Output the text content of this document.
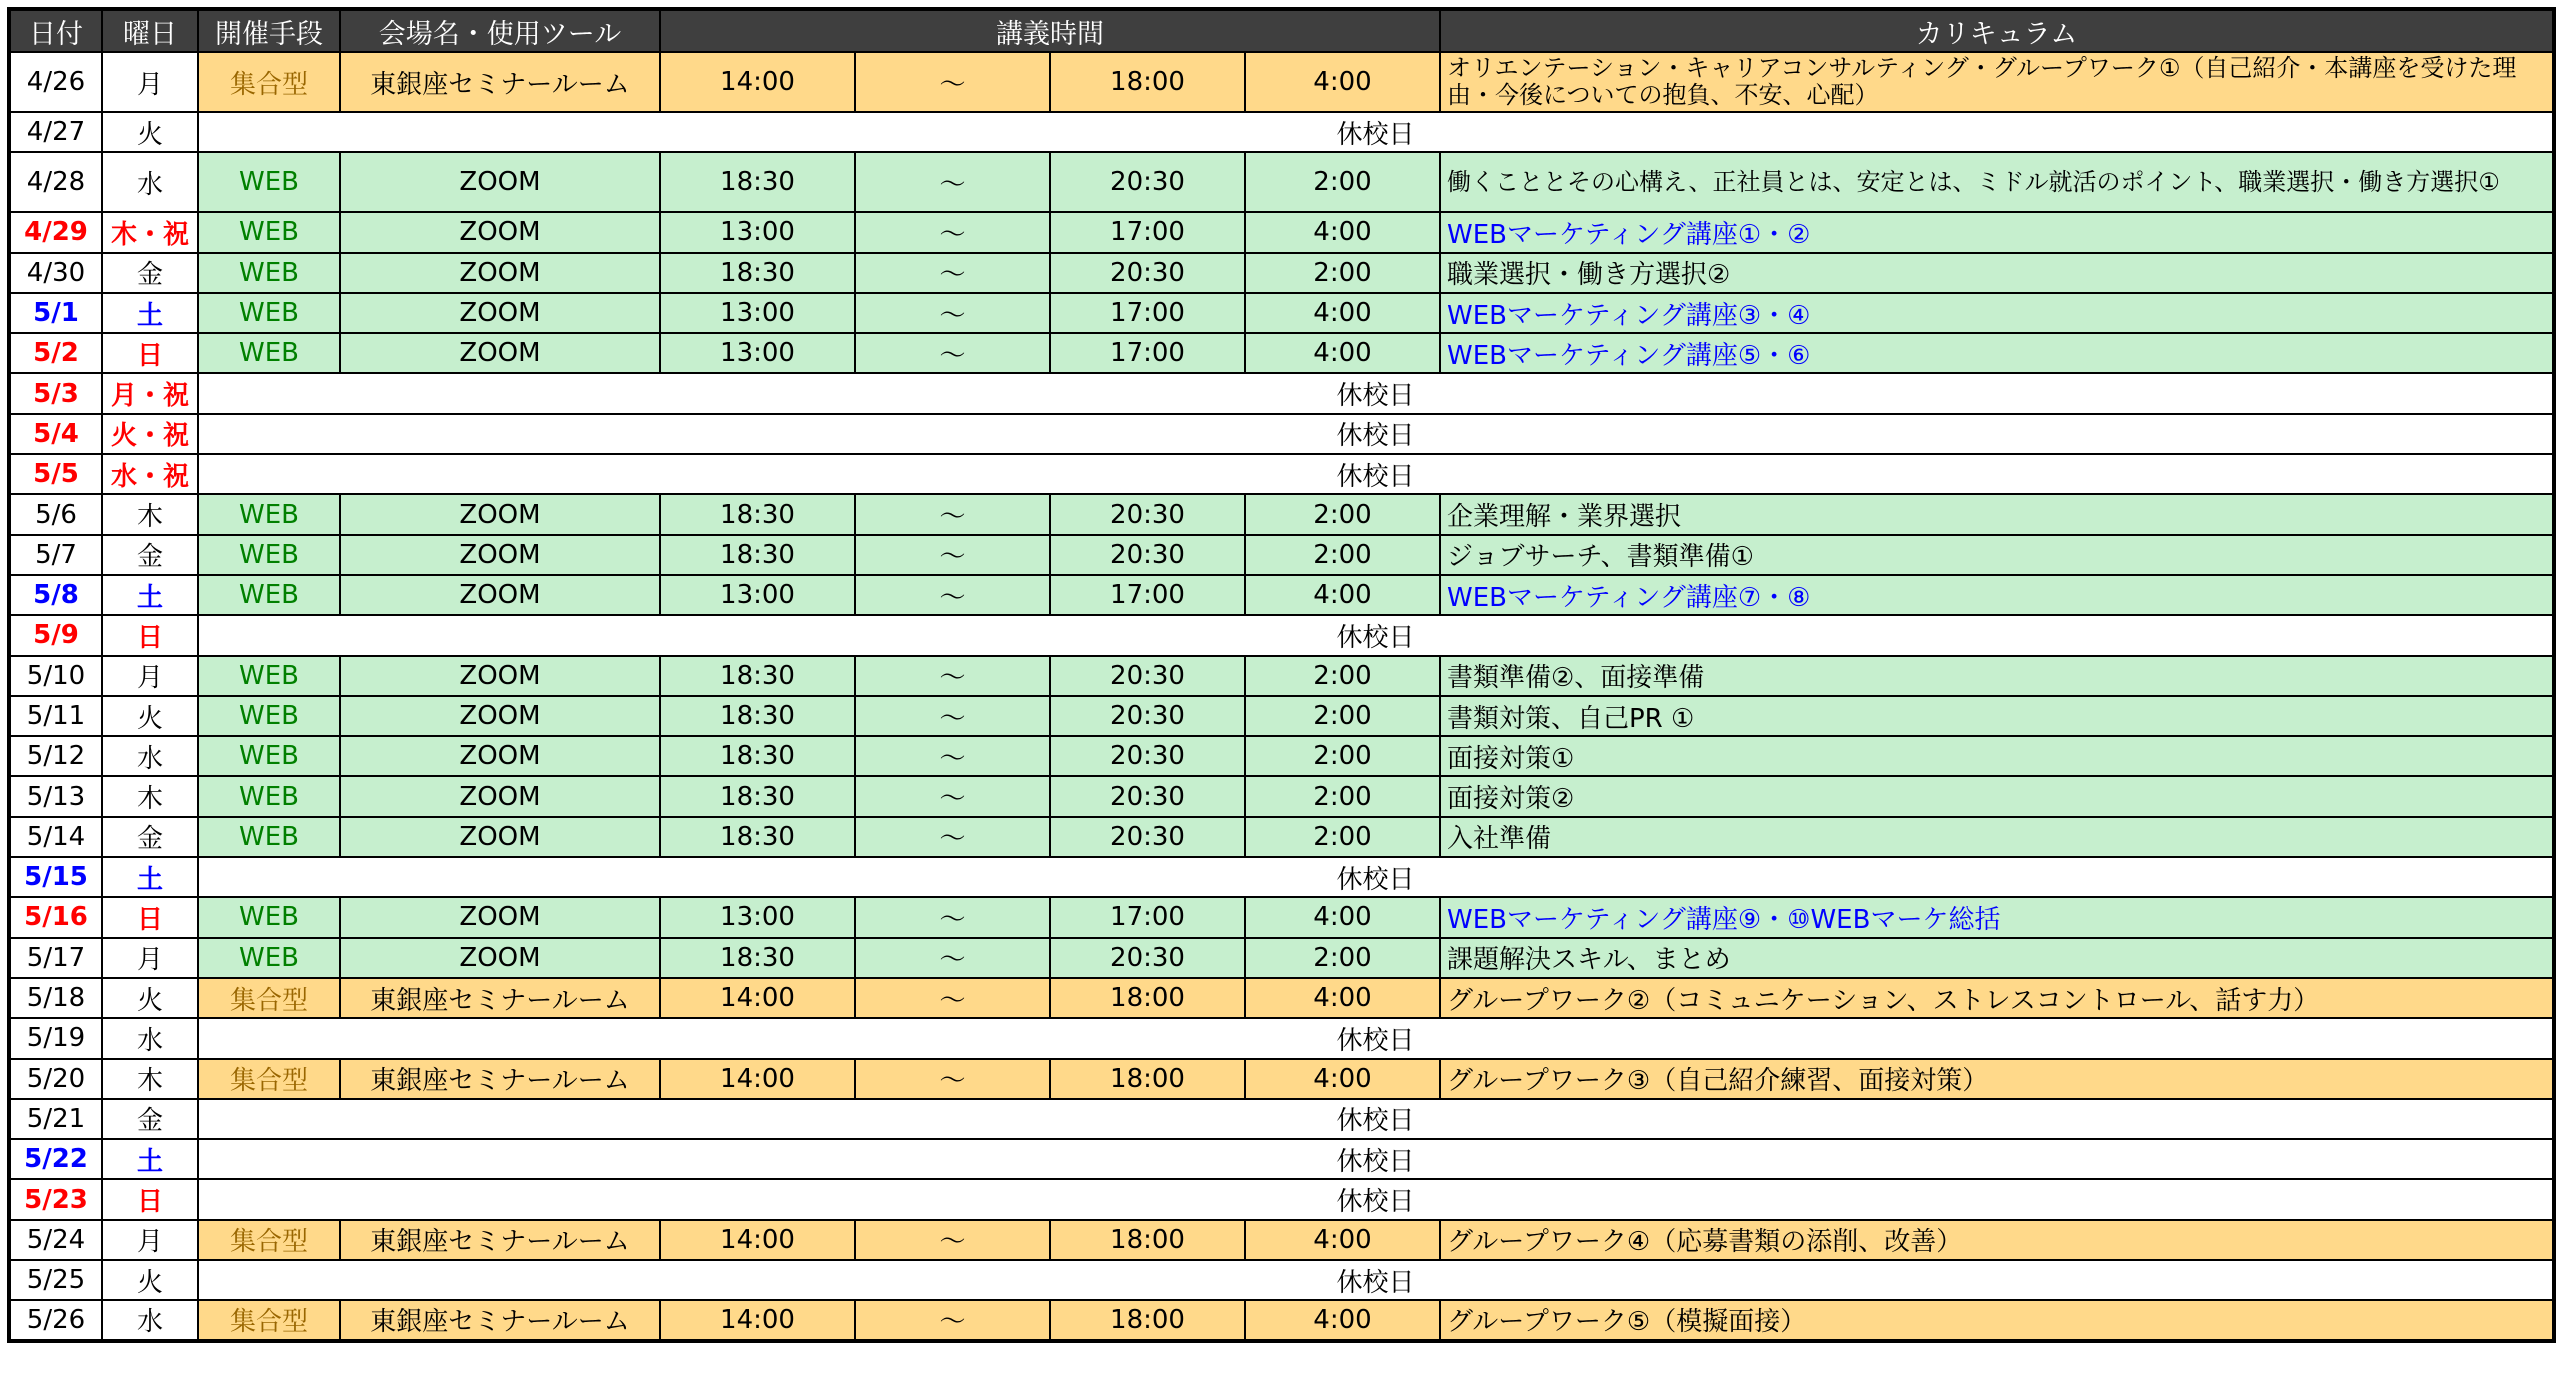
日付	曜日	開催手段	会場名・使用ツール	講義時間				カリキュラム
4/26	月	集合型	東銀座セミナールーム	14:00	～	18:00	4:00	オリエンテーション・キャリアコンサルティング・グループワーク①（自己紹介・本講座を受けた理由・今後についての抱負、不安、心配）
4/27	火	休校日						
4/28	水	WEB	ZOOM	18:30	～	20:30	2:00	働くこととその心構え、正社員とは、安定とは、ミドル就活のポイント、職業選択・働き方選択①
4/29	木・祝	WEB	ZOOM	13:00	～	17:00	4:00	WEBマーケティング講座①・②
4/30	金	WEB	ZOOM	18:30	～	20:30	2:00	職業選択・働き方選択②
5/1	土	WEB	ZOOM	13:00	～	17:00	4:00	WEBマーケティング講座③・④
5/2	日	WEB	ZOOM	13:00	～	17:00	4:00	WEBマーケティング講座⑤・⑥
5/3	月・祝	休校日						
5/4	火・祝	休校日						
5/5	水・祝	休校日						
5/6	木	WEB	ZOOM	18:30	～	20:30	2:00	企業理解・業界選択
5/7	金	WEB	ZOOM	18:30	～	20:30	2:00	ジョブサーチ、書類準備①
5/8	土	WEB	ZOOM	13:00	～	17:00	4:00	WEBマーケティング講座⑦・⑧
5/9	日	休校日						
5/10	月	WEB	ZOOM	18:30	～	20:30	2:00	書類準備②、面接準備
5/11	火	WEB	ZOOM	18:30	～	20:30	2:00	書類対策、自己PR ①
5/12	水	WEB	ZOOM	18:30	～	20:30	2:00	面接対策①
5/13	木	WEB	ZOOM	18:30	～	20:30	2:00	面接対策②
5/14	金	WEB	ZOOM	18:30	～	20:30	2:00	入社準備
5/15	土	休校日						
5/16	日	WEB	ZOOM	13:00	～	17:00	4:00	WEBマーケティング講座⑨・⑩WEBマーケ総括
5/17	月	WEB	ZOOM	18:30	～	20:30	2:00	課題解決スキル、まとめ
5/18	火	集合型	東銀座セミナールーム	14:00	～	18:00	4:00	グループワーク②（コミュニケーション、ストレスコントロール、話す力）
5/19	水	休校日						
5/20	木	集合型	東銀座セミナールーム	14:00	～	18:00	4:00	グループワーク③（自己紹介練習、面接対策）
5/21	金	休校日						
5/22	土	休校日						
5/23	日	休校日						
5/24	月	集合型	東銀座セミナールーム	14:00	～	18:00	4:00	グループワーク④（応募書類の添削、改善）
5/25	火	休校日						
5/26	水	集合型	東銀座セミナールーム	14:00	～	18:00	4:00	グループワーク⑤（模擬面接）
